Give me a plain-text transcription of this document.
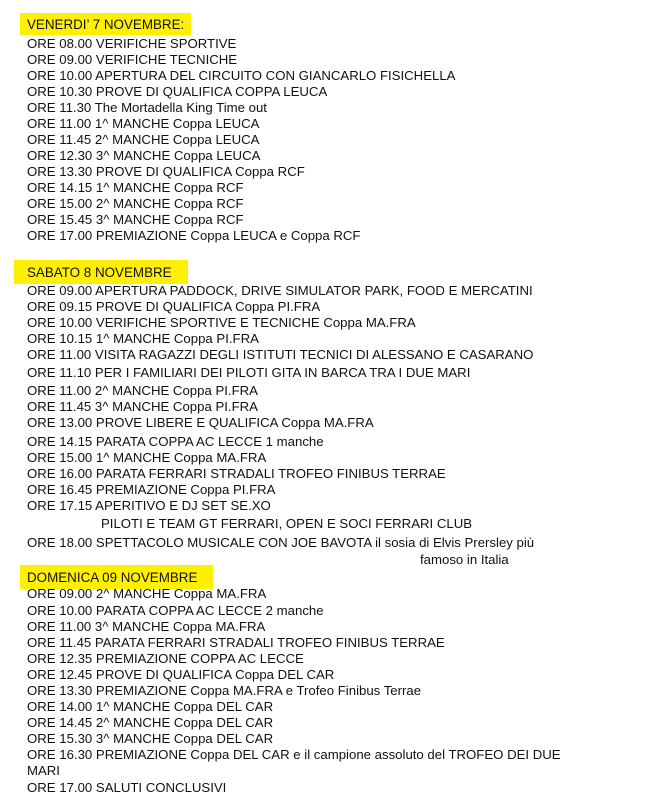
VENERDI’ 7 NOVEMBRE:
ORE 08.00 VERIFICHE SPORTIVE
ORE 09.00 VERIFICHE TECNICHE
ORE 10.00 APERTURA DEL CIRCUITO CON GIANCARLO FISICHELLA
ORE 10.30 PROVE DI QUALIFICA COPPA LEUCA
ORE 11.30 The Mortadella King Time out
ORE 11.00 1^ MANCHE Coppa LEUCA
ORE 11.45 2^ MANCHE Coppa LEUCA
ORE 12.30 3^ MANCHE Coppa LEUCA
ORE 13.30 PROVE DI QUALIFICA Coppa RCF
ORE 14.15 1^ MANCHE Coppa RCF
ORE 15.00 2^ MANCHE Coppa RCF
ORE 15.45 3^ MANCHE Coppa RCF
ORE 17.00 PREMIAZIONE Coppa LEUCA e Coppa RCF
SABATO 8 NOVEMBRE
ORE 09.00 APERTURA PADDOCK, DRIVE SIMULATOR PARK, FOOD E MERCATINI
ORE 09.15 PROVE DI QUALIFICA Coppa PI.FRA
ORE 10.00 VERIFICHE SPORTIVE E TECNICHE Coppa MA.FRA
ORE 10.15 1^ MANCHE Coppa PI.FRA
ORE 11.00 VISITA RAGAZZI DEGLI ISTITUTI TECNICI DI ALESSANO E CASARANO
ORE 11.10 PER I FAMILIARI DEI PILOTI GITA IN BARCA TRA I DUE MARI
ORE 11.00 2^ MANCHE Coppa PI.FRA
ORE 11.45 3^ MANCHE Coppa PI.FRA
ORE 13.00 PROVE LIBERE E QUALIFICA Coppa MA.FRA
ORE 14.15 PARATA COPPA AC LECCE 1 manche
ORE 15.00 1^ MANCHE Coppa MA.FRA
ORE 16.00 PARATA FERRARI STRADALI TROFEO FINIBUS TERRAE
ORE 16.45 PREMIAZIONE Coppa PI.FRA
ORE 17.15 APERITIVO E DJ SET SE.XO
PILOTI E TEAM GT FERRARI, OPEN E SOCI FERRARI CLUB
ORE 18.00 SPETTACOLO MUSICALE CON JOE BAVOTA il sosia di Elvis Prersley più
famoso in Italia
DOMENICA 09 NOVEMBRE
ORE 09.00 2^ MANCHE Coppa MA.FRA
ORE 10.00 PARATA COPPA AC LECCE 2 manche
ORE 11.00 3^ MANCHE Coppa MA.FRA
ORE 11.45 PARATA FERRARI STRADALI TROFEO FINIBUS TERRAE
ORE 12.35 PREMIAZIONE COPPA AC LECCE
ORE 12.45 PROVE DI QUALIFICA Coppa DEL CAR
ORE 13.30 PREMIAZIONE Coppa MA.FRA e Trofeo Finibus Terrae
ORE 14.00 1^ MANCHE Coppa DEL CAR
ORE 14.45 2^ MANCHE Coppa DEL CAR
ORE 15.30 3^ MANCHE Coppa DEL CAR
ORE 16.30 PREMIAZIONE Coppa DEL CAR e il campione assoluto del TROFEO DEI DUE
MARI
ORE 17.00 SALUTI CONCLUSIVI
